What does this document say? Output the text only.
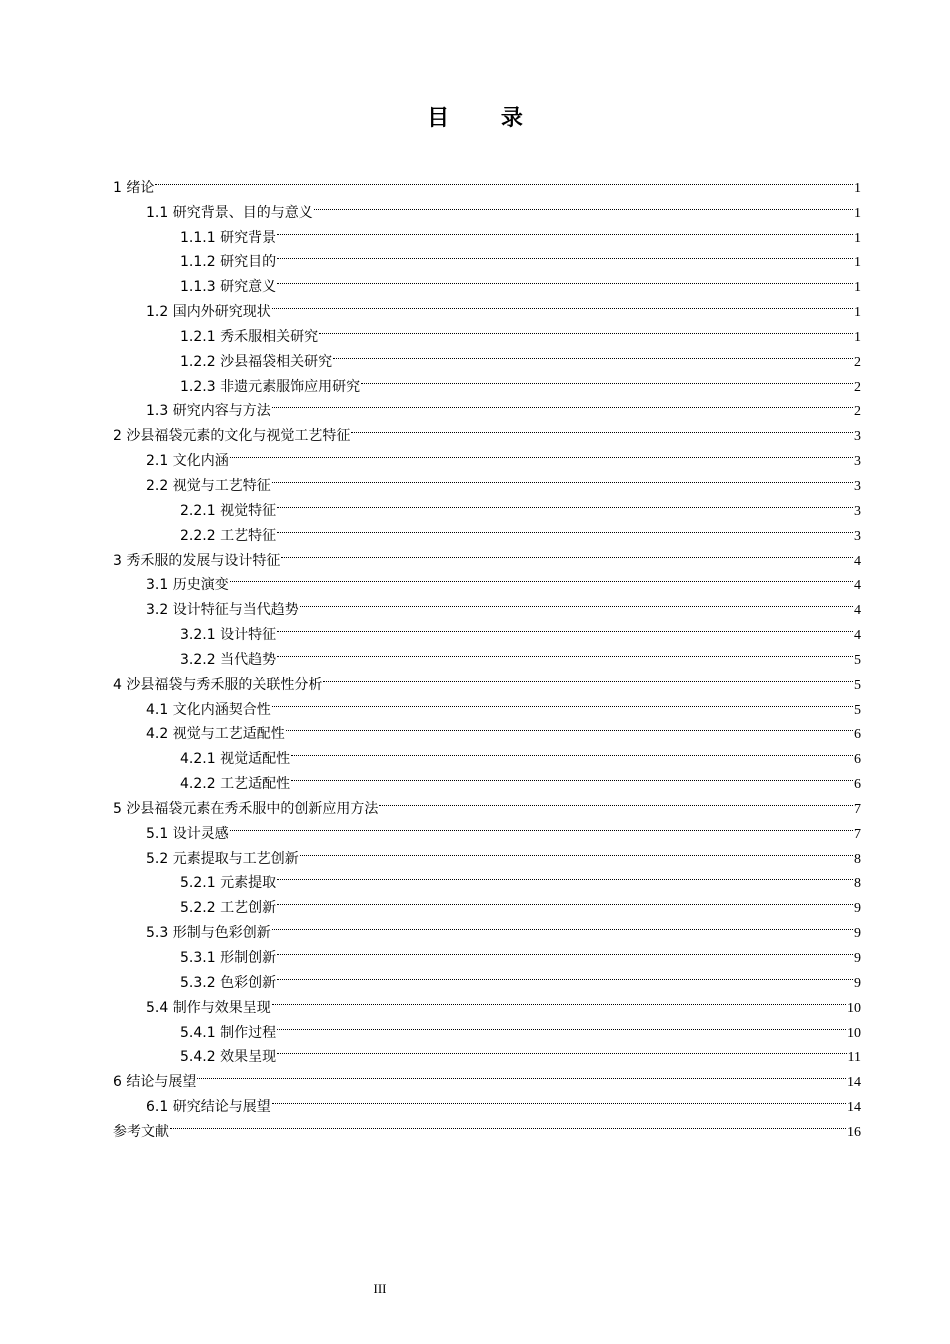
目 录
1 绪论	1
1.1 研究背景、目的与意义	1
1.1.1 研究背景	1
1.1.2 研究目的	1
1.1.3 研究意义	1
1.2 国内外研究现状	1
1.2.1 秀禾服相关研究	1
1.2.2 沙县福袋相关研究	2
1.2.3 非遗元素服饰应用研究	2
1.3 研究内容与方法	2
2 沙县福袋元素的文化与视觉工艺特征	3
2.1 文化内涵	3
2.2 视觉与工艺特征	3
2.2.1 视觉特征	3
2.2.2 工艺特征	3
3 秀禾服的发展与设计特征	4
3.1 历史演变	4
3.2 设计特征与当代趋势	4
3.2.1 设计特征	4
3.2.2 当代趋势	5
4 沙县福袋与秀禾服的关联性分析	5
4.1 文化内涵契合性	5
4.2 视觉与工艺适配性	6
4.2.1 视觉适配性	6
4.2.2 工艺适配性	6
5 沙县福袋元素在秀禾服中的创新应用方法	7
5.1 设计灵感	7
5.2 元素提取与工艺创新	8
5.2.1 元素提取	8
5.2.2 工艺创新	9
5.3 形制与色彩创新	9
5.3.1 形制创新	9
5.3.2 色彩创新	9
5.4 制作与效果呈现	10
5.4.1 制作过程	10
5.4.2 效果呈现	11
6 结论与展望	14
6.1 研究结论与展望	14
参考文献	16
III
